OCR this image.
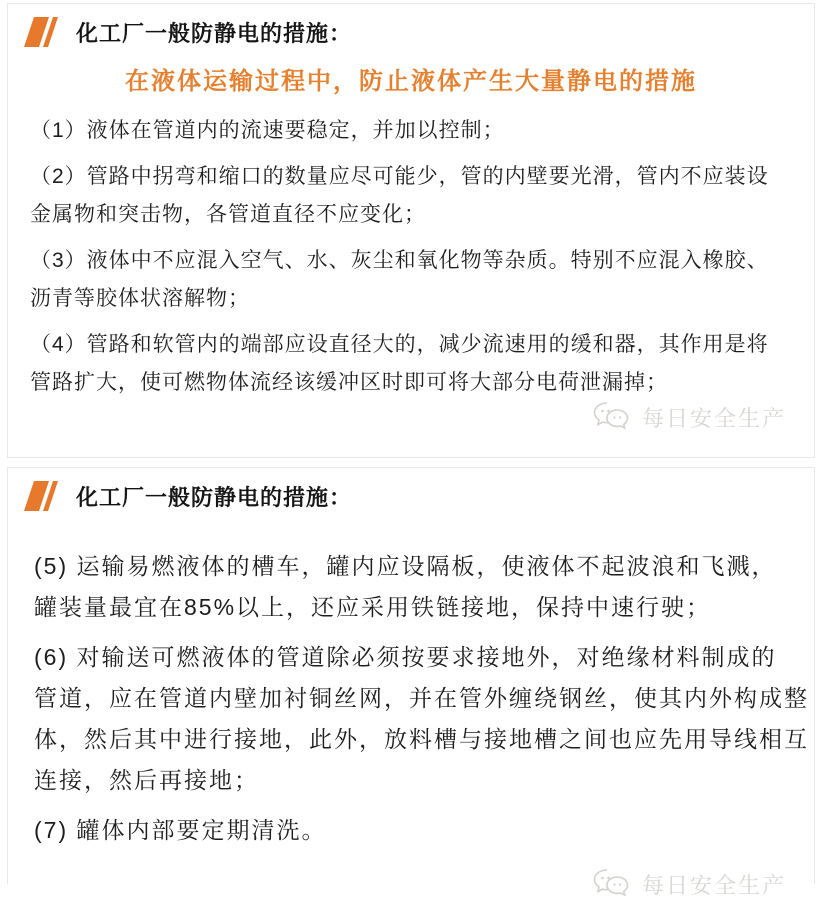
化工厂一般防静电的措施：
在液体运输过程中，防止液体产生大量静电的措施
（1）液体在管道内的流速要稳定，并加以控制；
（2）管路中拐弯和缩口的数量应尽可能少，管的内壁要光滑，管内不应装设
金属物和突击物，各管道直径不应变化；
（3）液体中不应混入空气、水、灰尘和氧化物等杂质。特别不应混入橡胶、
沥青等胶体状溶解物；
（4）管路和软管内的端部应设直径大的，减少流速用的缓和器，其作用是将
管路扩大，使可燃物体流经该缓冲区时即可将大部分电荷泄漏掉；
每日安全生产
化工厂一般防静电的措施：
(5) 运输易燃液体的槽车，罐内应设隔板，使液体不起波浪和飞溅，
罐装量最宜在85%以上，还应采用铁链接地，保持中速行驶；
(6) 对输送可燃液体的管道除必须按要求接地外，对绝缘材料制成的
管道，应在管道内壁加衬铜丝网，并在管外缠绕钢丝，使其内外构成整
体，然后其中进行接地，此外，放料槽与接地槽之间也应先用导线相互
连接，然后再接地；
(7) 罐体内部要定期清洗。
每日安全生产
